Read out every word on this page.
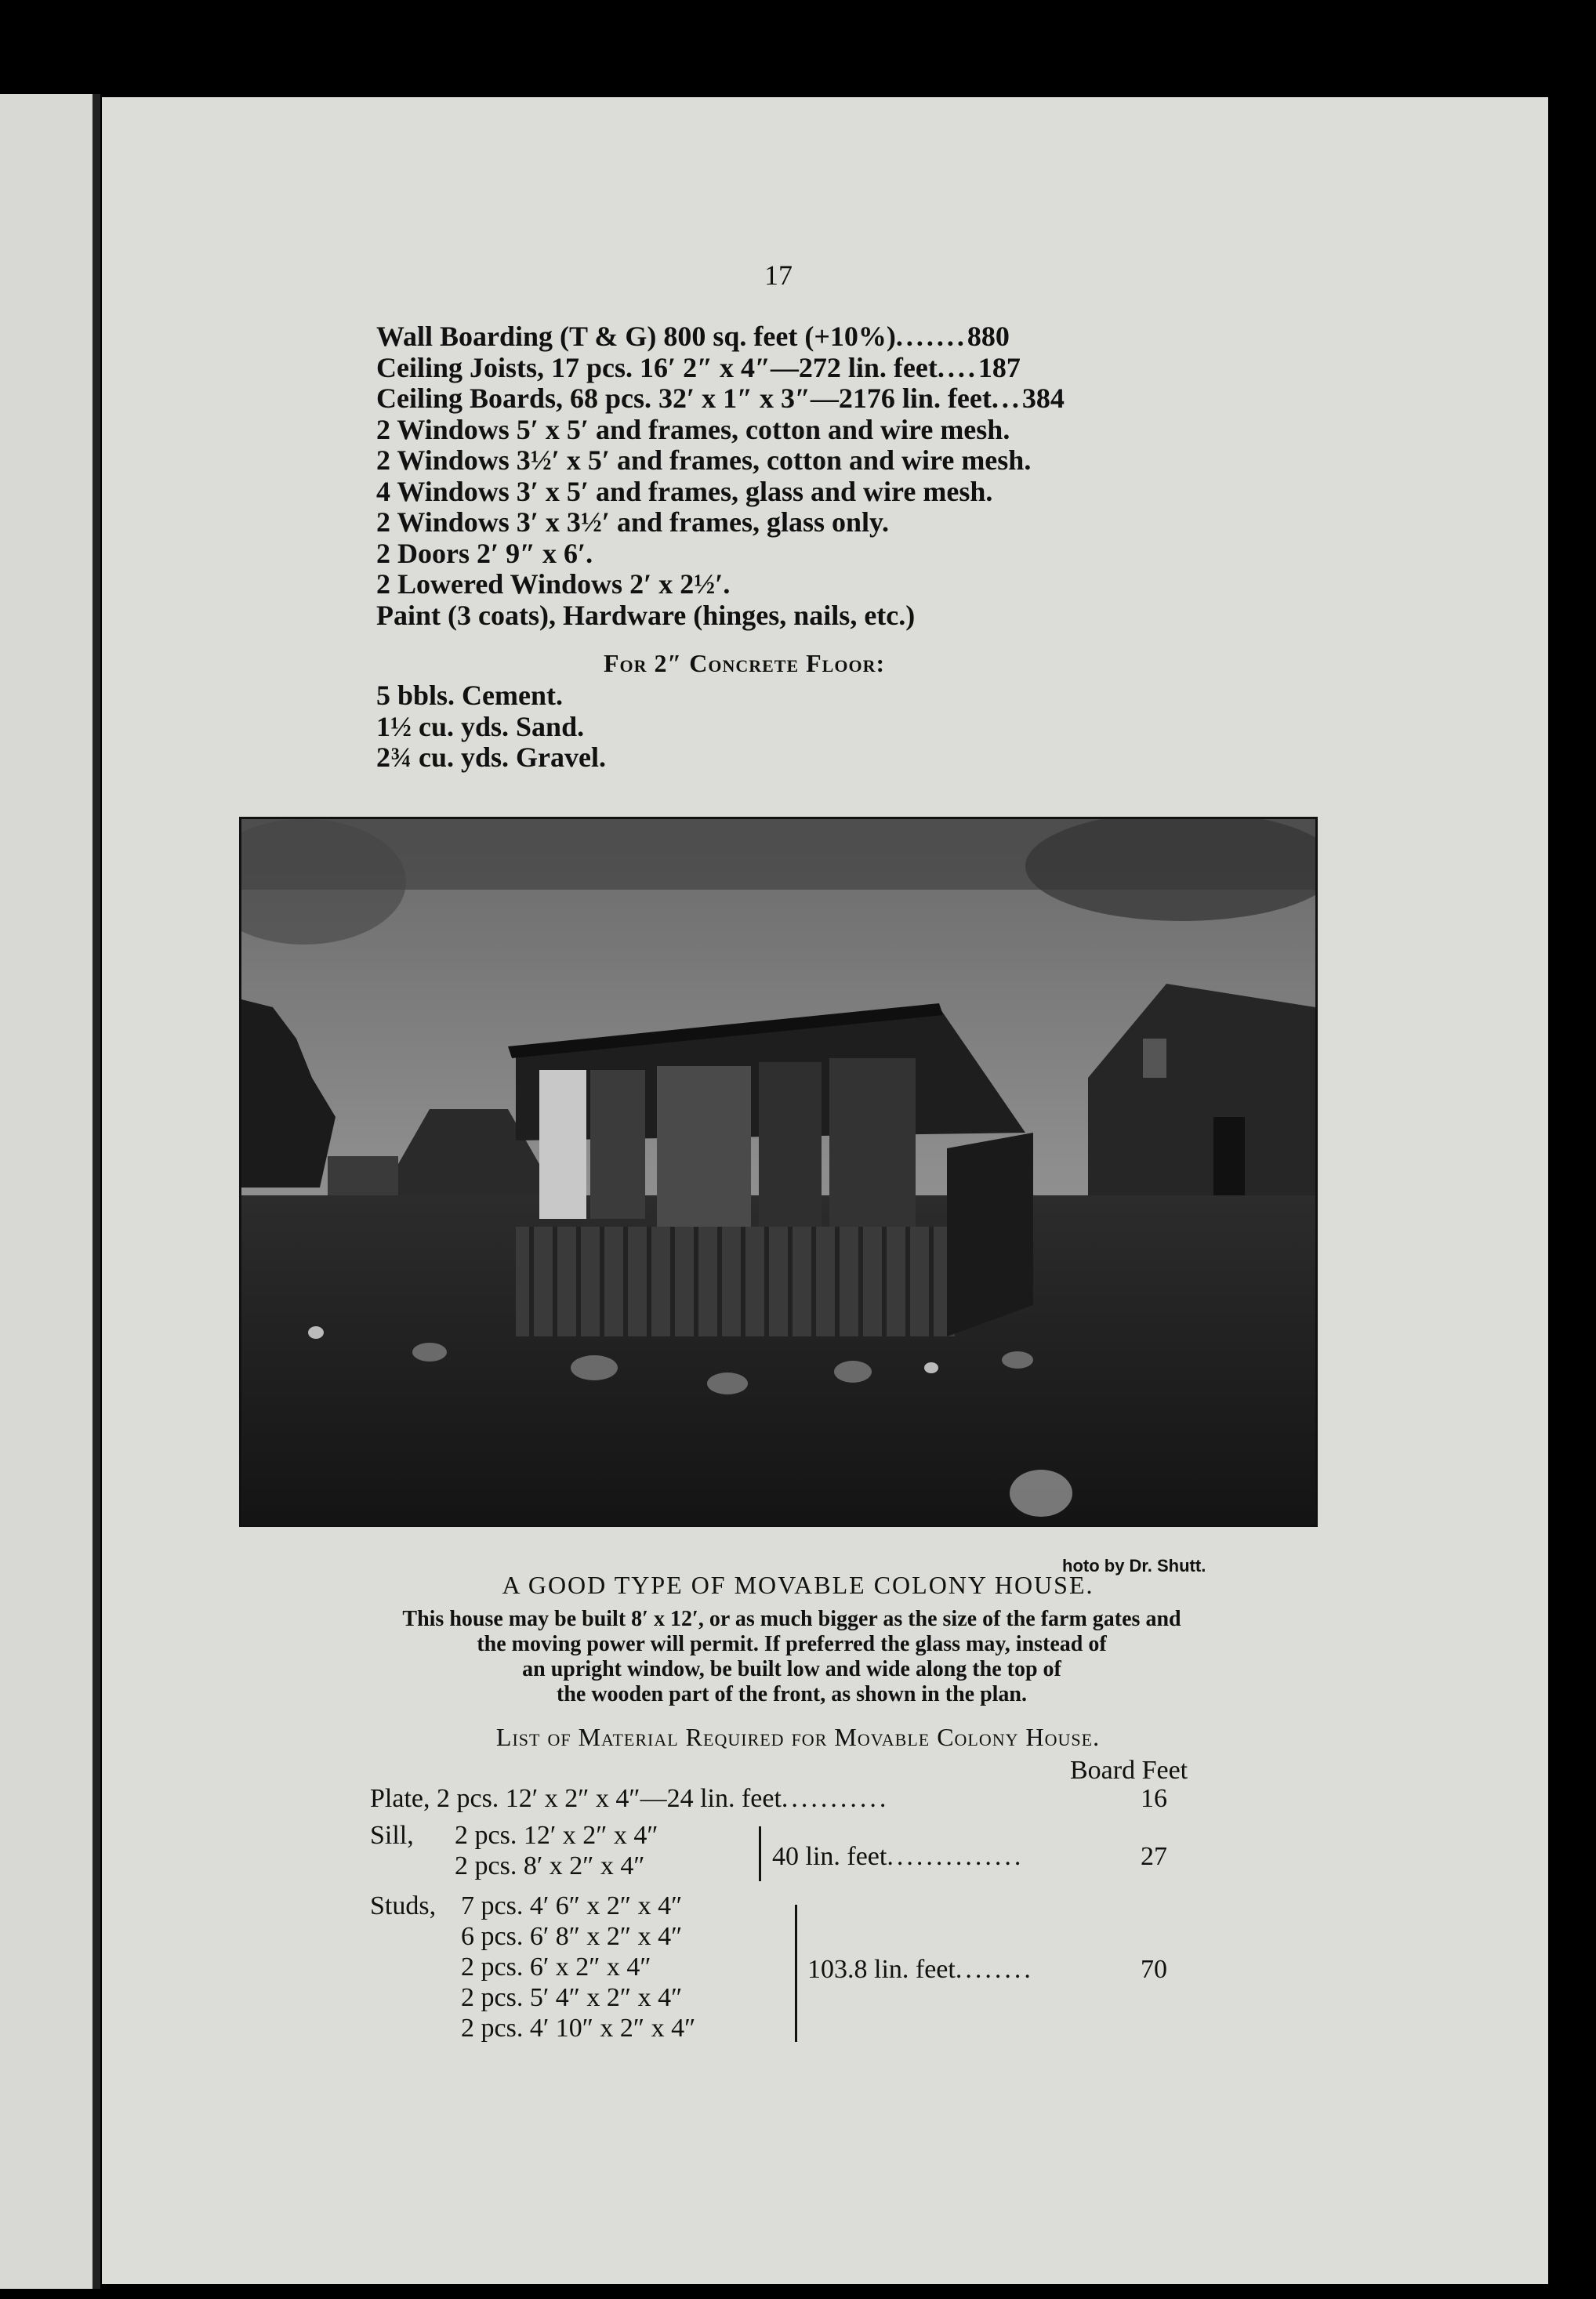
17
Wall Boarding (T & G) 800 sq. feet (+10%).......880
Ceiling Joists, 17 pcs. 16′ 2″ x 4″—272 lin. feet....187
Ceiling Boards, 68 pcs. 32′ x 1″ x 3″—2176 lin. feet...384
2 Windows 5′ x 5′ and frames, cotton and wire mesh.
2 Windows 3½′ x 5′ and frames, cotton and wire mesh.
4 Windows 3′ x 5′ and frames, glass and wire mesh.
2 Windows 3′ x 3½′ and frames, glass only.
2 Doors 2′ 9″ x 6′.
2 Lowered Windows 2′ x 2½′.
Paint (3 coats), Hardware (hinges, nails, etc.)
For 2″ Concrete Floor:
5 bbls. Cement.
1½ cu. yds. Sand.
2¾ cu. yds. Gravel.
hoto by Dr. Shutt.
A GOOD TYPE OF MOVABLE COLONY HOUSE.
This house may be built 8′ x 12′, or as much bigger as the size of the farm gates and
the moving power will permit. If preferred the glass may, instead of
an upright window, be built low and wide along the top of
the wooden part of the front, as shown in the plan.
List of Material Required for Movable Colony House.
Board Feet
Plate, 2 pcs. 12′ x 2″ x 4″—24 lin. feet...........	16
Sill, 2 pcs. 12′ x 2″ x 4″
2 pcs. 8′ x 2″ x 4″	40 lin. feet..............	27
Studs, 7 pcs. 4′ 6″ x 2″ x 4″
6 pcs. 6′ 8″ x 2″ x 4″
2 pcs. 6′ x 2″ x 4″
2 pcs. 5′ 4″ x 2″ x 4″
2 pcs. 4′ 10″ x 2″ x 4″
103.8 lin. feet........	70
